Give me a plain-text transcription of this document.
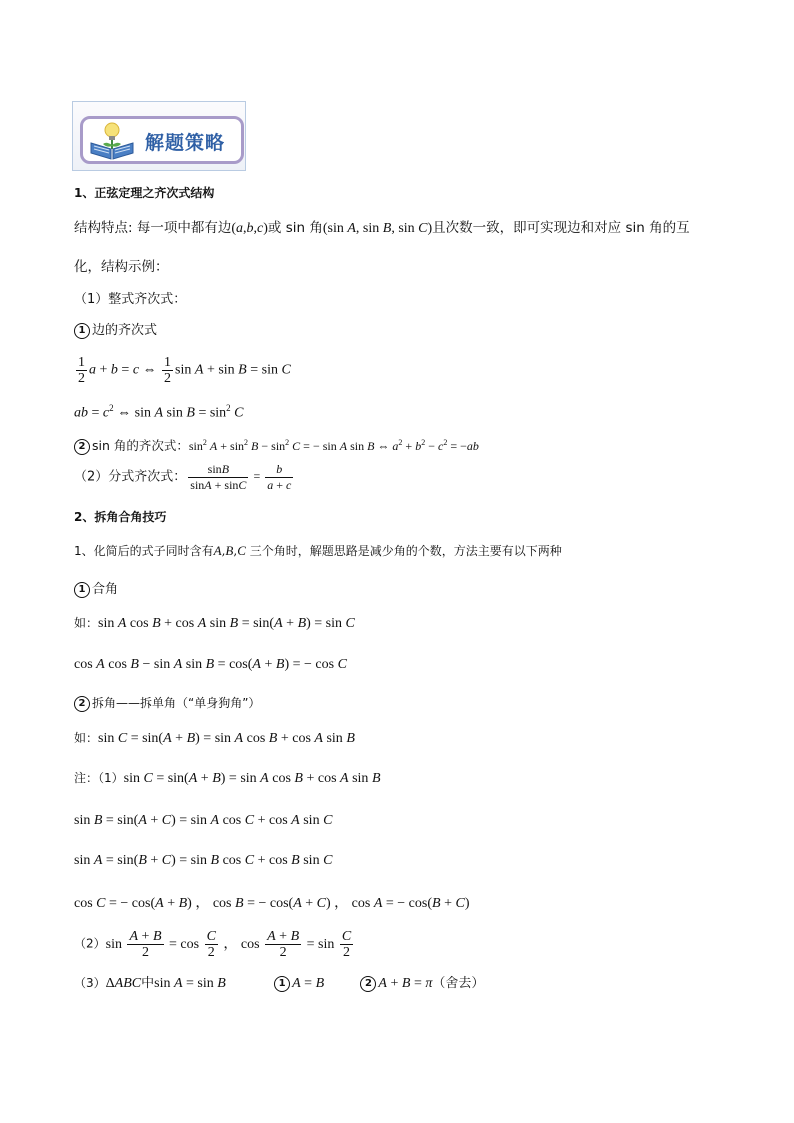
解题策略
1、正弦定理之齐次式结构
结构特点: 每一项中都有边(a,b,c)或 sin 角(sin A, sin B, sin C)且次数一致，即可实现边和对应 sin 角的互
化，结构示例：
（1）整式齐次式：
1 边的齐次式
$\frac{1}{2}$ a + b = c ⇔ $\frac{1}{2}$ sin A + sin B = sin C
ab = $c^2$ ⇔ sin A $\sin B = \sin^2 C$
2 sin 角的齐次式：$\sin^2 A + \sin^2 B - \sin^2 C$ = − sin A sin B ⇔ $a^2 + b^2 - c^2 = -ab$
（2）分式齐次式： $\frac{\sin B}{\sin A + \sin C} = \frac{b}{a + c}$
2、拆角合角技巧
1、化简后的式子同时含有A,B,C 三个角时，解题思路是减少角的个数，方法主要有以下两种
1 合角
如：sin A cos B + cos A sin B = sin(A + B) = sin C
cos A cos B − sin A sin B = cos(A + B) = − cos C
2 拆角——拆单角（“单身狗角”）
如：sin C = sin(A + B) = sin A cos B + cos A sin B
注：（1）sin C = sin(A + B) = sin A cos B + cos A sin B
sin B = sin(A + C) = sin A cos C + cos A sin C
sin A = sin(B + C) = sin B cos C + cos B sin C
cos C = − cos(A + B) ， cos B = − cos(A + C) ， cos A = − cos(B + C)
$(2)\sin \frac{A + B}{2} = \cos \frac{C}{2}$ ， $\cos \frac{A + B}{2} = \sin \frac{C}{2}$
（3）ΔABC中sin A = sin B	1 A = B	2 A + B = π（舍去）
